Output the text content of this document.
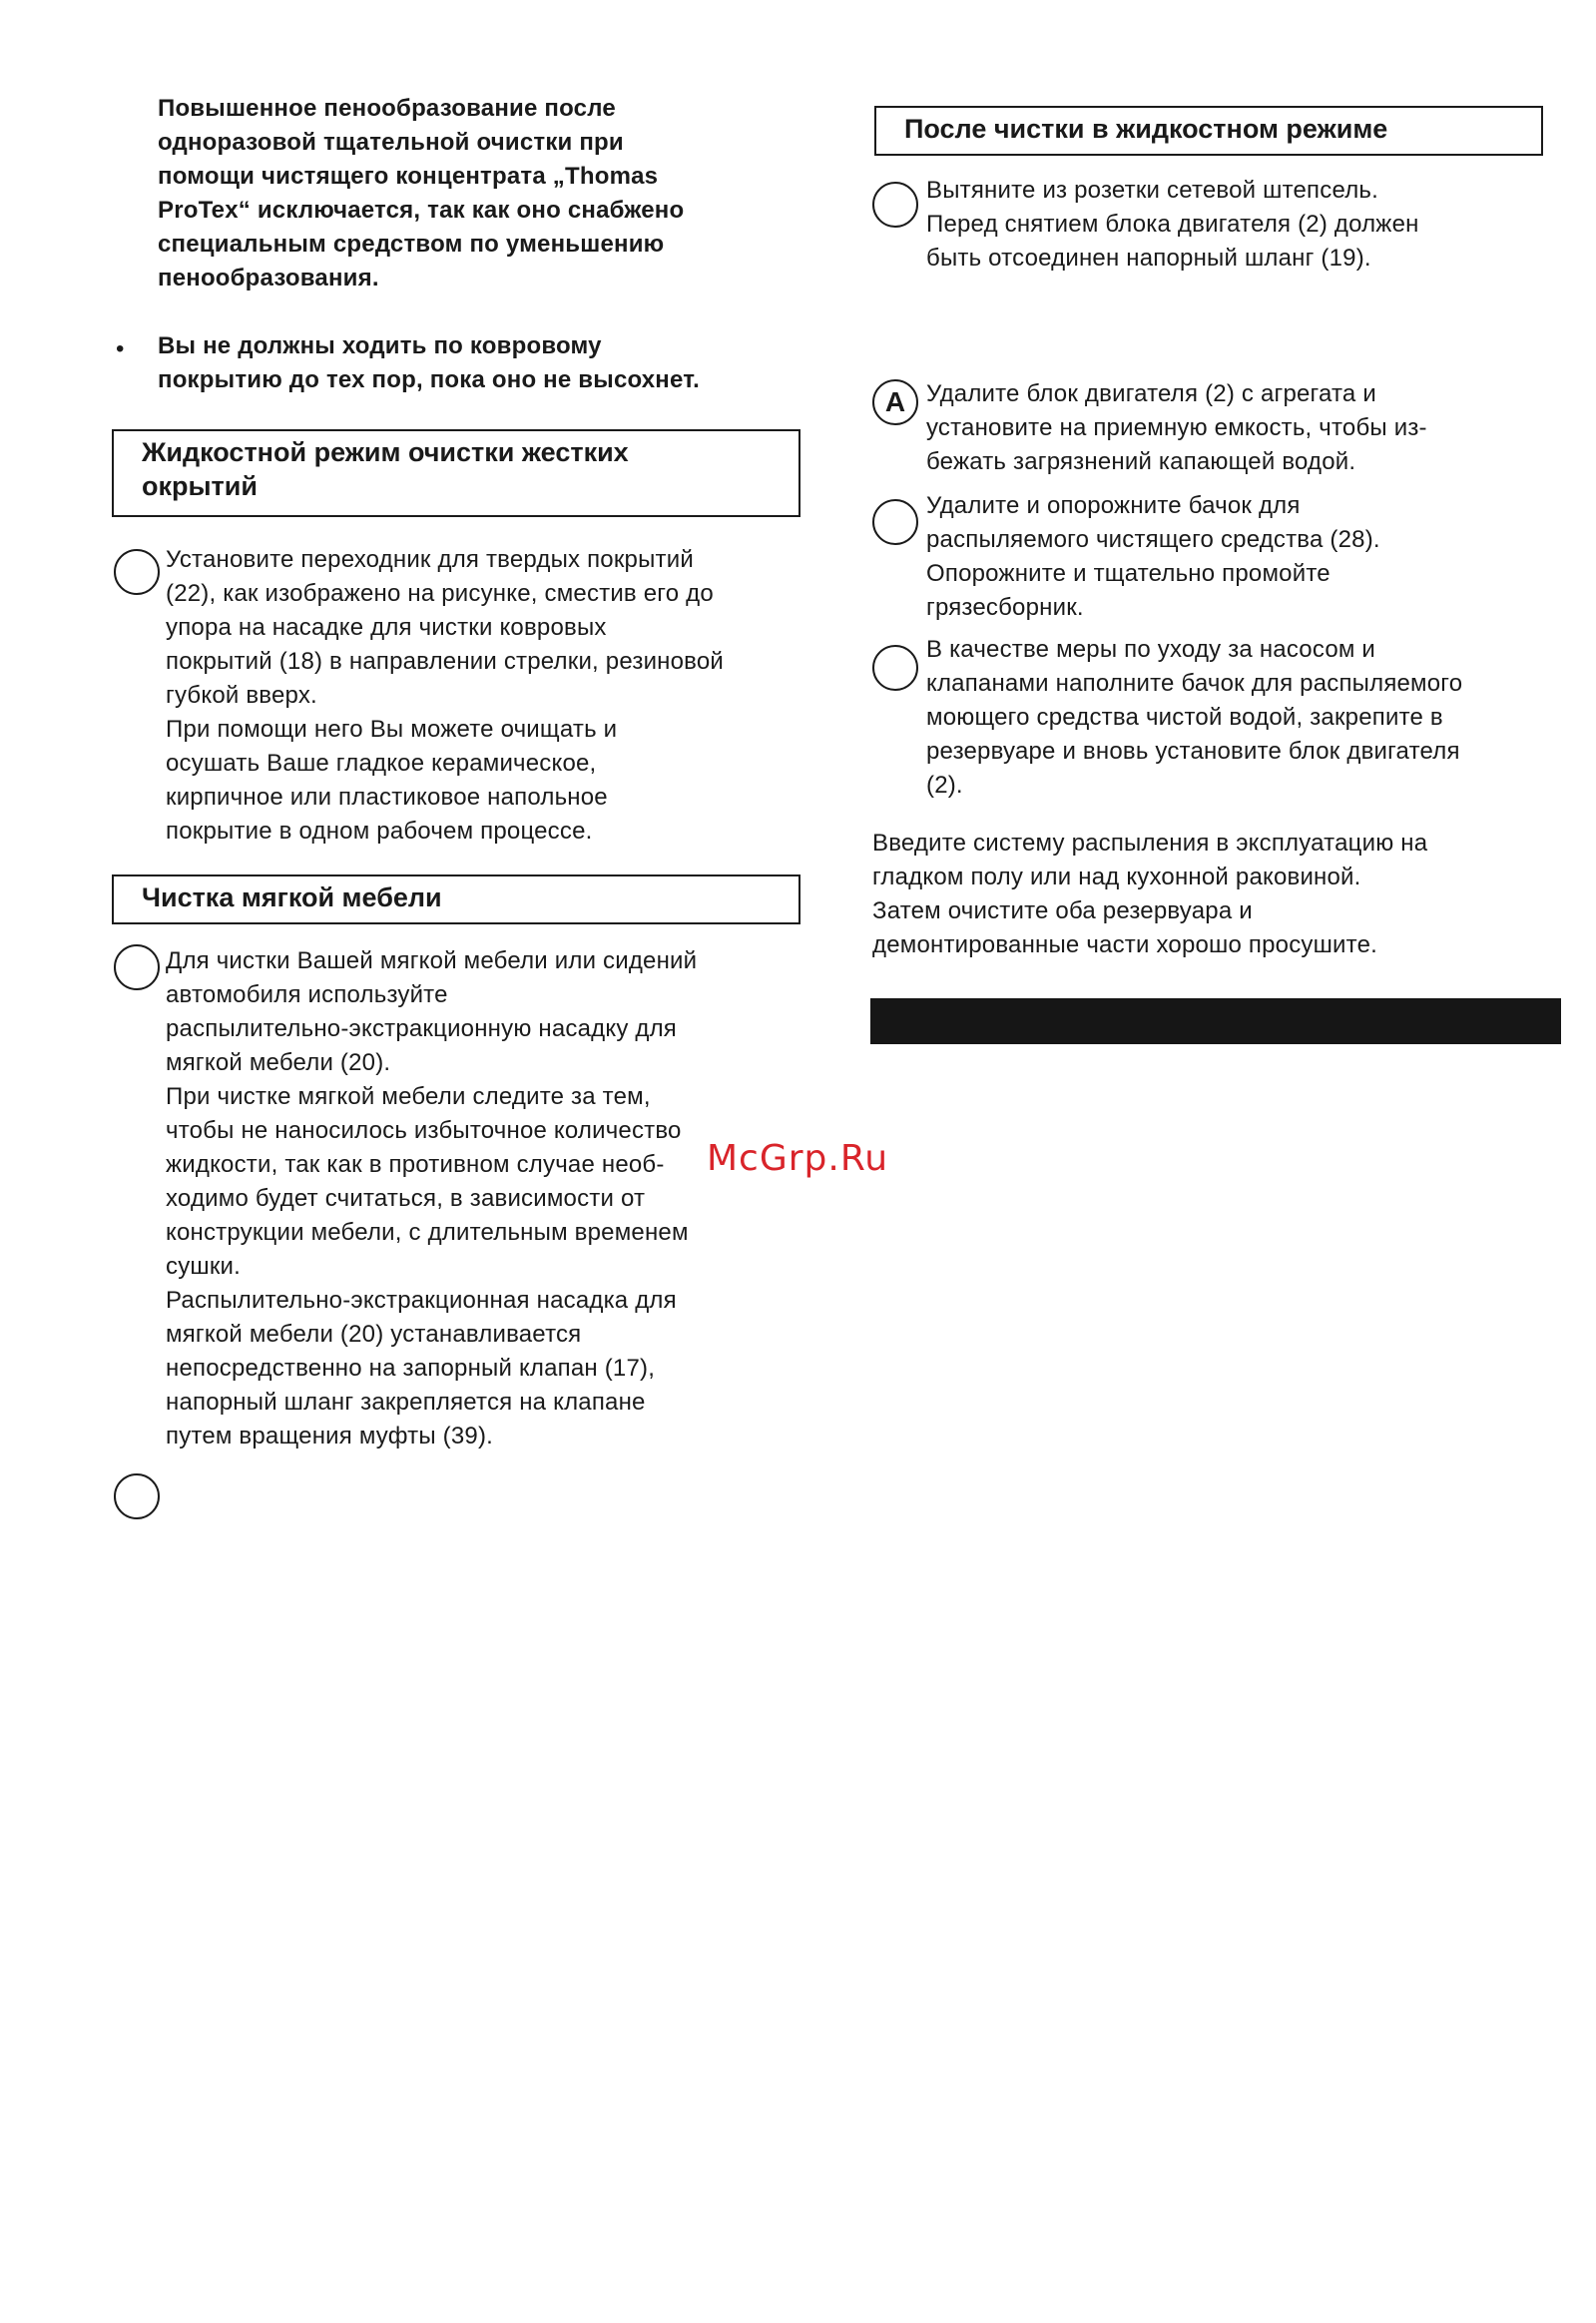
Повышенное пенообразование после
одноразовой тщательной очистки при
помощи чистящего концентрата „Thomas
ProTex“ исключается, так как оно снабжено
специальным средством по уменьшению
пенообразования.
• Вы не должны ходить по ковровому
покрытию до тех пор, пока оно не высохнет.
Жидкостной режим очистки жестких
окрытий
Установите переходник для твердых покрытий
(22), как изображено на рисунке, сместив его до
упора на насадке для чистки ковровых
покрытий (18) в направлении стрелки, резиновой
губкой вверх.
При помощи него Вы можете очищать и
осушать Ваше гладкое керамическое,
кирпичное или пластиковое напольное
покрытие в одном рабочем процессе.
Чистка мягкой мебели
Для чистки Вашей мягкой мебели или сидений
автомобиля используйте
распылительно-экстракционную насадку для
мягкой мебели (20).
При чистке мягкой мебели следите за тем,
чтобы не наносилось избыточное количество
жидкости, так как в противном случае необ-
ходимо будет считаться, в зависимости от
конструкции мебели, с длительным временем
сушки.
Распылительно-экстракционная насадка для
мягкой мебели (20) устанавливается
непосредственно на запорный клапан (17),
напорный шланг закрепляется на клапане
путем вращения муфты (39).
После чистки в жидкостном режиме
Вытяните из розетки сетевой штепсель.
Перед снятием блока двигателя (2) должен
быть отсоединен напорный шланг (19).
A Удалите блок двигателя (2) с агрегата и
установите на приемную емкость, чтобы из-
бежать загрязнений капающей водой.
Удалите и опорожните бачок для
распыляемого чистящего средства (28).
Опорожните и тщательно промойте
грязесборник.
В качестве меры по уходу за насосом и
клапанами наполните бачок для распыляемого
моющего средства чистой водой, закрепите в
резервуаре и вновь установите блок двигателя
(2).
Введите систему распыления в эксплуатацию на
гладком полу или над кухонной раковиной.
Затем очистите оба резервуара и
демонтированные части хорошо просушите.
McGrp.Ru
